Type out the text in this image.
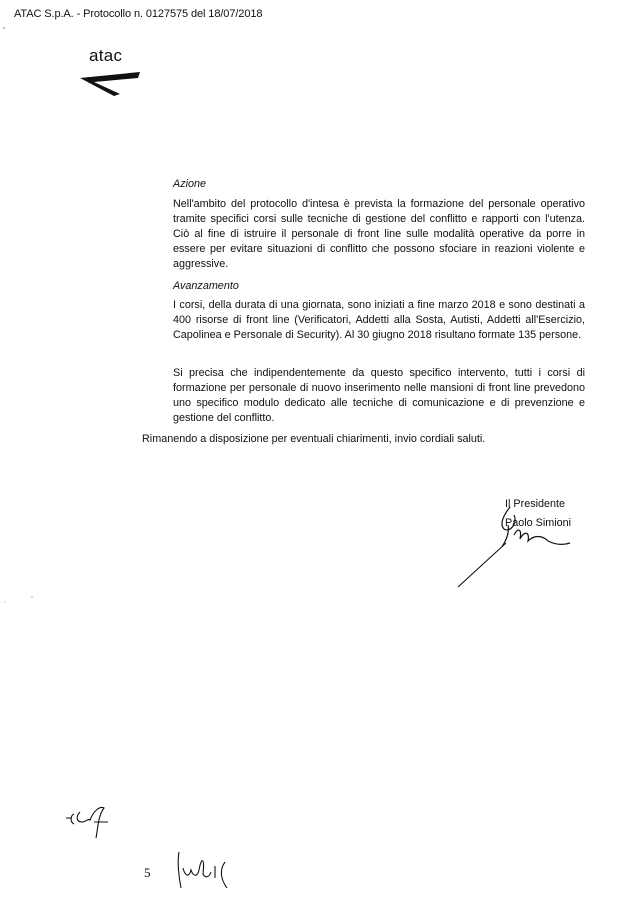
ATAC S.p.A. - Protocollo n. 0127575 del 18/07/2018
atac

Azione

Nell'ambito del protocollo d'intesa è prevista la formazione del personale operativo tramite specifici corsi sulle tecniche di gestione del conflitto e rapporti con l'utenza. Ciò al fine di istruire il personale di front line sulle modalità operative da porre in essere per evitare situazioni di conflitto che possono sfociare in reazioni violente e aggressive.

Avanzamento

I corsi, della durata di una giornata, sono iniziati a fine marzo 2018 e sono destinati a 400 risorse di front line (Verificatori, Addetti alla Sosta, Autisti, Addetti all'Esercizio, Capolinea e Personale di Security). Al 30 giugno 2018 risultano formate 135 persone.

Si precisa che indipendentemente da questo specifico intervento, tutti i corsi di formazione per personale di nuovo inserimento nelle mansioni di front line prevedono uno specifico modulo dedicato alle tecniche di comunicazione e di prevenzione e gestione del conflitto.

Rimanendo a disposizione per eventuali chiarimenti, invio cordiali saluti.
Il Presidente
Paolo Simioni
5
